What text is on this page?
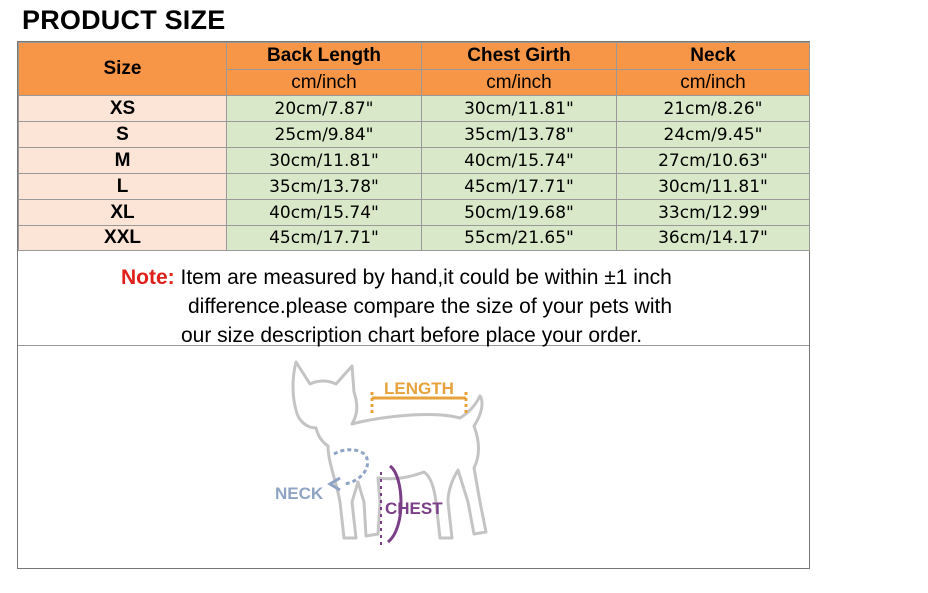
PRODUCT SIZE
Size	Back Length	Chest Girth	Neck
	cm/inch	cm/inch	cm/inch
XS	20cm/7.87"	30cm/11.81"	21cm/8.26"
S	25cm/9.84"	35cm/13.78"	24cm/9.45"
M	30cm/11.81"	40cm/15.74"	27cm/10.63"
L	35cm/13.78"	45cm/17.71"	30cm/11.81"
XL	40cm/15.74"	50cm/19.68"	33cm/12.99"
XXL	45cm/17.71"	55cm/21.65"	36cm/14.17"
Note: Item are measured by hand,it could be within ±1 inch
difference.please compare the size of your pets with
our size description chart before place your order.
LENGTH
NECK
CHEST
